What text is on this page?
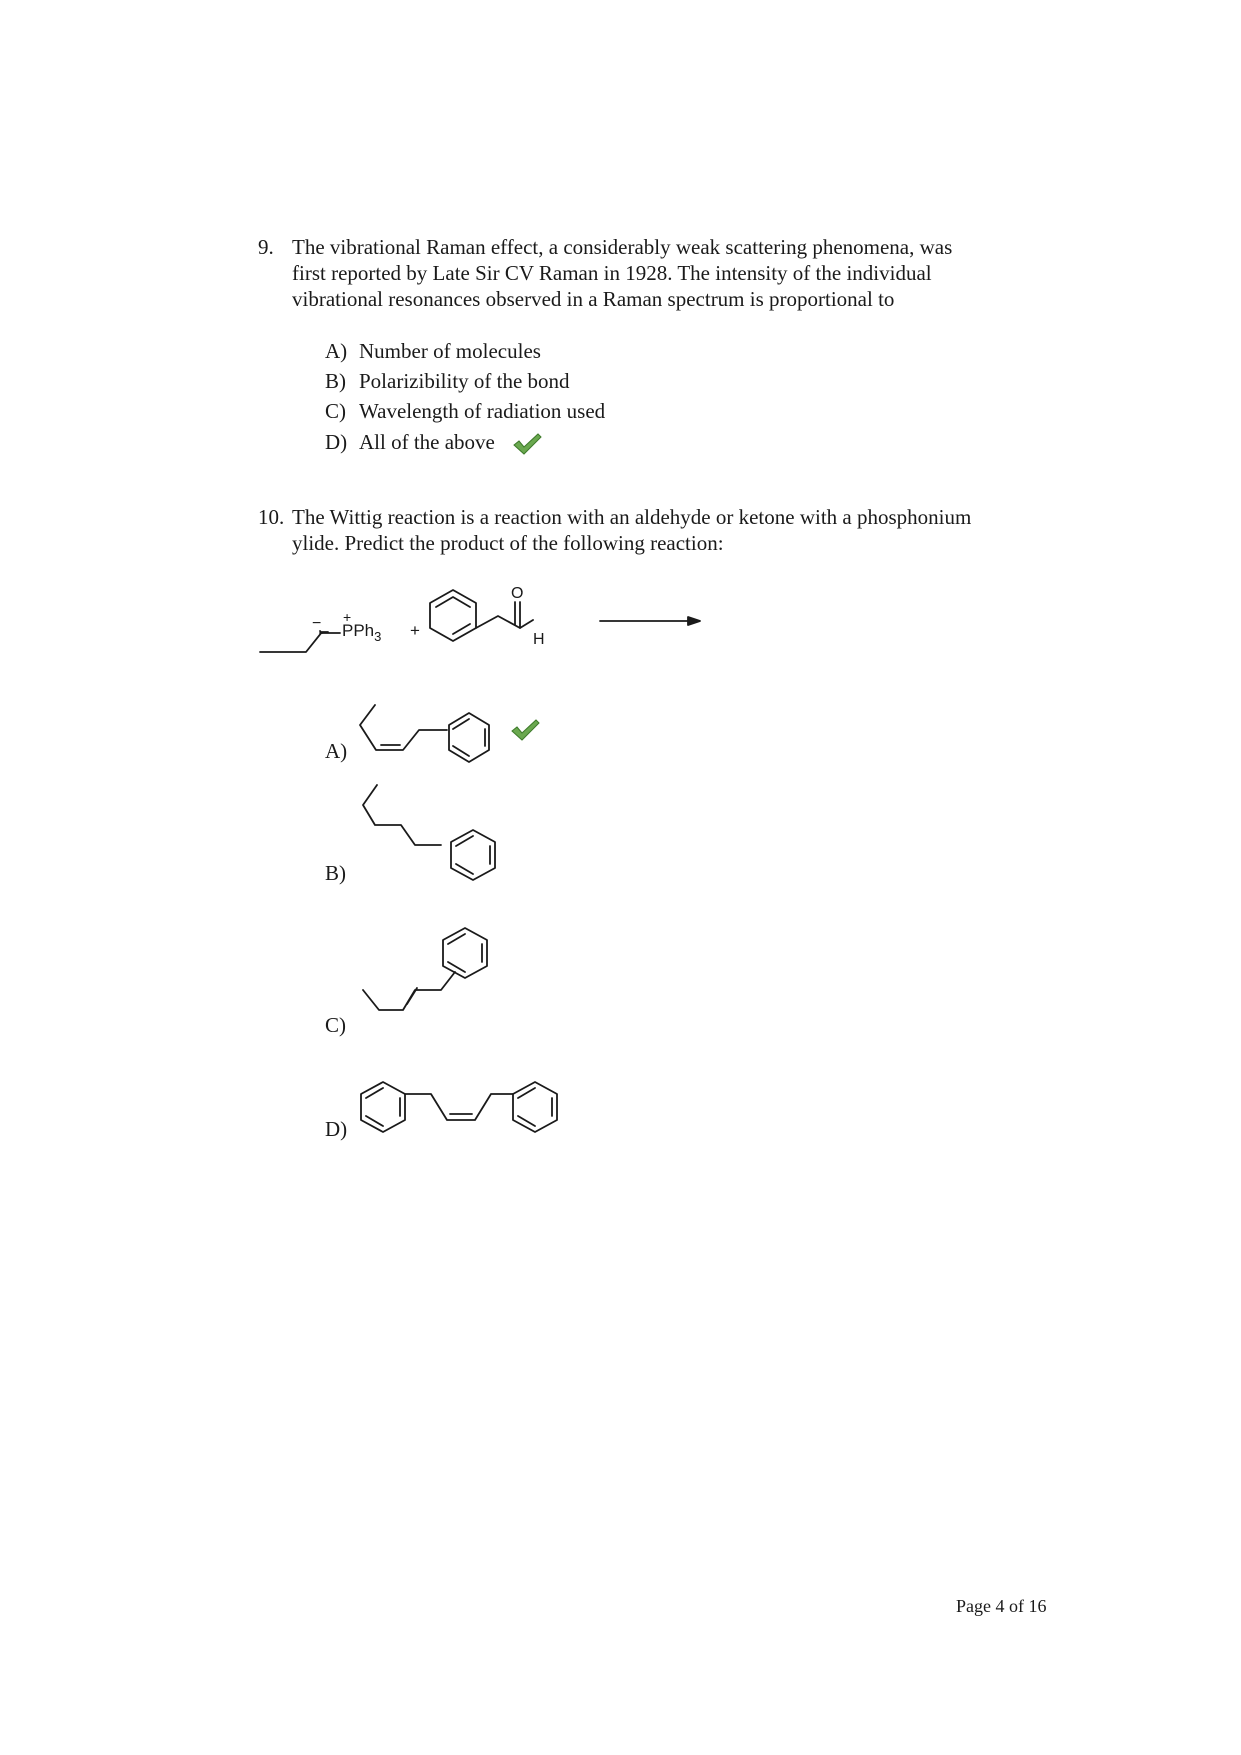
9. The vibrational Raman effect, a considerably weak scattering phenomena, was
first reported by Late Sir CV Raman in 1928. The intensity of the individual
vibrational resonances observed in a Raman spectrum is proportional to
A) Number of molecules
B) Polarizibility of the bond
C) Wavelength of radiation used
D) All of the above
10. The Wittig reaction is a reaction with an aldehyde or ketone with a phosphonium
ylide. Predict the product of the following reaction:
− PPh$_3$
+
+
O
H
A)
B)
C)
D)
Page 4 of 16
